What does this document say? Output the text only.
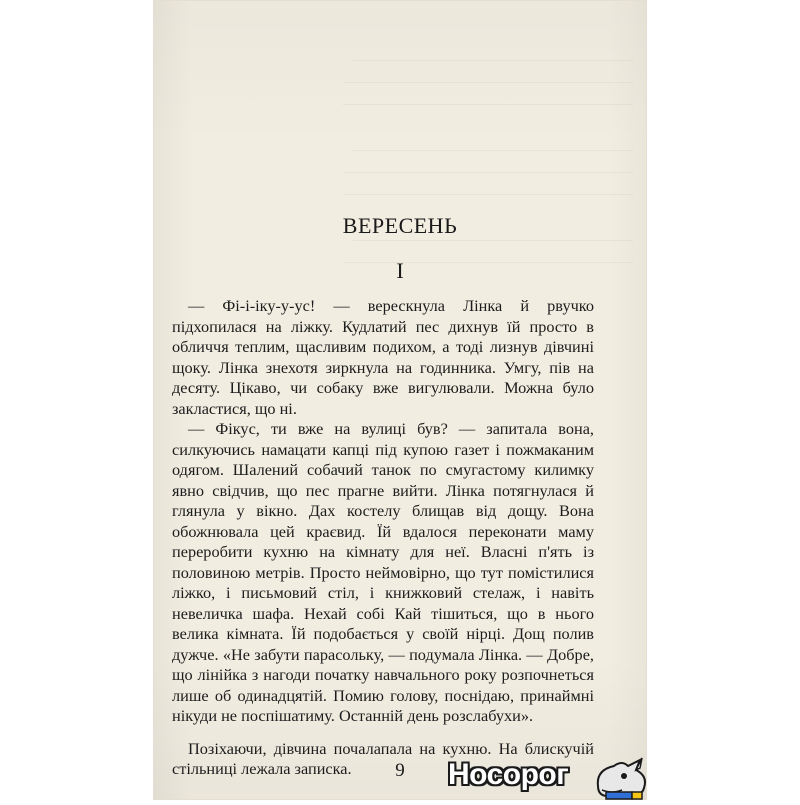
ВЕРЕСЕНЬ
І

— Фі-і-іку-у-ус! — верескнула Лінка й рвучко підхопилася на ліжку. Кудлатий пес дихнув їй просто в обличчя теплим, щасливим подихом, а тоді лизнув дівчині щоку. Лінка знехотя зиркнула на годинника. Умгу, пів на десяту. Цікаво, чи собаку вже вигулювали. Можна було закластися, що ні.

— Фікус, ти вже на вулиці був? — запитала вона, силкуючись намацати капці під купою газет і пожмаканим одягом. Шалений собачий танок по смугастому килимку явно свідчив, що пес прагне вийти. Лінка потягнулася й глянула у вікно. Дах костелу блищав від дощу. Вона обожнювала цей краєвид. Їй вдалося переконати маму переробити кухню на кімнату для неї. Власні п'ять із половиною метрів. Просто неймовірно, що тут помістилися ліжко, і письмовий стіл, і книжковий стелаж, і навіть невеличка шафа. Нехай собі Кай тішиться, що в нього велика кімната. Їй подобається у своїй нірці. Дощ полив дужче. «Не забути парасольку, — подумала Лінка. — Добре, що лінійка з нагоди початку навчального року розпочнеться лише об одинадцятій. Помию голову, поснідаю, принаймні нікуди не поспішатиму. Останній день розслабухи».

Позіхаючи, дівчина почалапала на кухню. На блискучій стільниці лежала записка.	9	Носорог
